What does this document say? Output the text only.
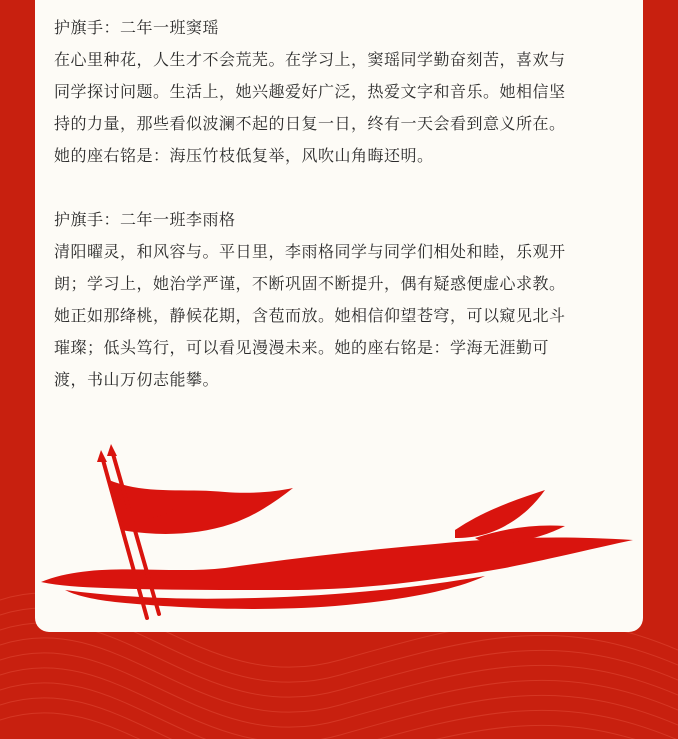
护旗手：二年一班窦瑶

在心里种花，人生才不会荒芜。在学习上，窦瑶同学勤奋刻苦，喜欢与

同学探讨问题。生活上，她兴趣爱好广泛，热爱文字和音乐。她相信坚

持的力量，那些看似波澜不起的日复一日，终有一天会看到意义所在。

她的座右铭是：海压竹枝低复举，风吹山角晦还明。

护旗手：二年一班李雨格

清阳曜灵，和风容与。平日里，李雨格同学与同学们相处和睦，乐观开

朗；学习上，她治学严谨，不断巩固不断提升，偶有疑惑便虚心求教。

她正如那绛桃，静候花期，含苞而放。她相信仰望苍穹，可以窥见北斗

璀璨；低头笃行，可以看见漫漫未来。她的座右铭是：学海无涯勤可

渡，书山万仞志能攀。
